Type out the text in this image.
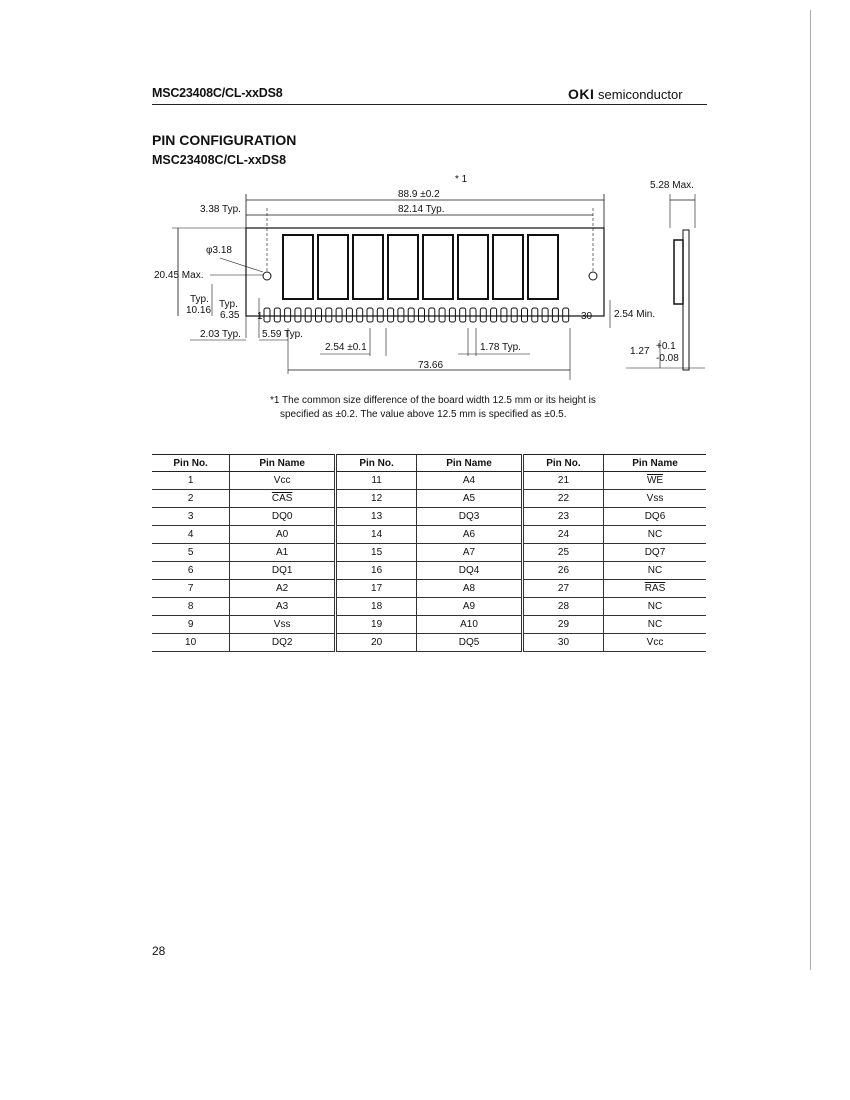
MSC23408C/CL-xxDS8	OKI semiconductor
PIN CONFIGURATION
MSC23408C/CL-xxDS8
* 1
88.9 ±0.2
82.14 Typ.
3.38 Typ.
φ3.18
20.45 Max.
Typ.
10.16
Typ.
6.35
2.03 Typ. 5.59 Typ.
1	30 2.54 Min.
2.54 ±0.1	1.78 Typ.
73.66
5.28 Max.
1.27 +0.1
-0.08
*1 The common size difference of the board width 12.5 mm or its height is
specified as ±0.2. The value above 12.5 mm is specified as ±0.5.
Pin No.	Pin Name	Pin No.	Pin Name	Pin No.	Pin Name
1	Vcc	11	A4	21	$\overline{WE}$
2	$\overline{CAS}$	12	A5	22	Vss
3	DQ0	13	DQ3	23	DQ6
4	A0	14	A6	24	NC
5	A1	15	A7	25	DQ7
6	DQ1	16	DQ4	26	NC
7	A2	17	A8	27	$\overline{RAS}$
8	A3	18	A9	28	NC
9	Vss	19	A10	29	NC
10	DQ2	20	DQ5	30	Vcc
28
